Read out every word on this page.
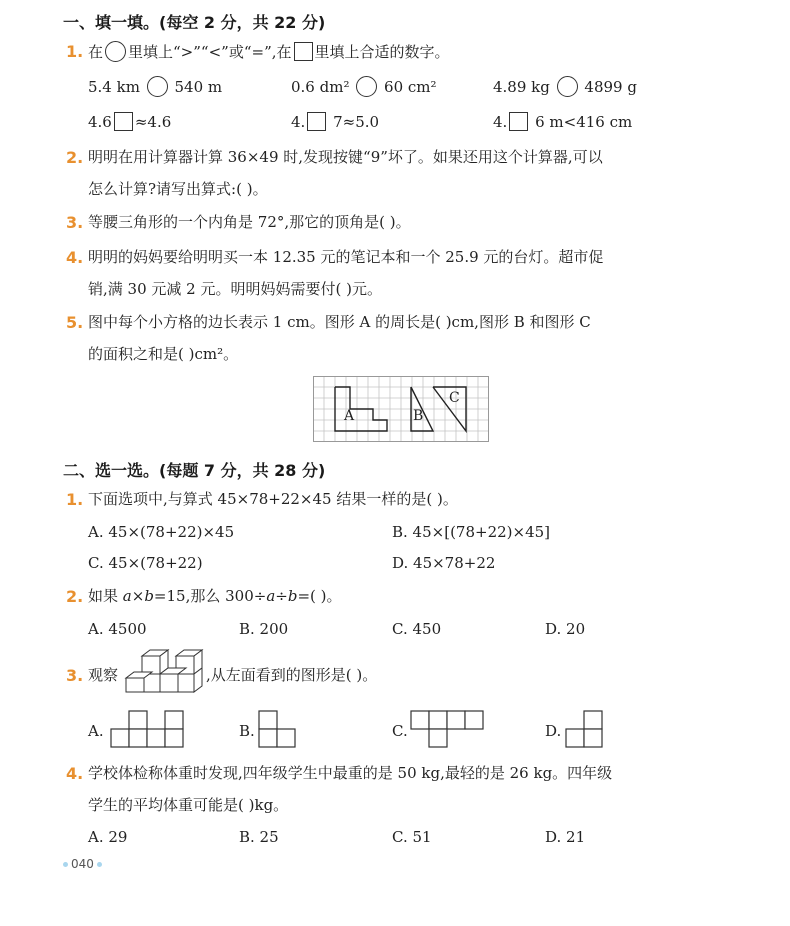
一、填一填。(每空 2 分，共 22 分)
1. 在 里填上“>”“<”或“=”,在 里填上合适的数字。
5.4 km 540 m	0.6 dm² 60 cm²	4.89 kg 4899 g
4.6 ≈4.6	4. 7≈5.0	4. 6 m<416 cm
2. 明明在用计算器计算 36×49 时,发现按键“9”坏了。如果还用这个计算器,可以
怎么计算?请写出算式:( )。
3. 等腰三角形的一个内角是 72°,那它的顶角是( )。
4. 明明的妈妈要给明明买一本 12.35 元的笔记本和一个 25.9 元的台灯。超市促
销,满 30 元减 2 元。明明妈妈需要付( )元。
5. 图中每个小方格的边长表示 1 cm。图形 A 的周长是( )cm,图形 B 和图形 C
的面积之和是( )cm²。
A	B
C
二、选一选。(每题 7 分，共 28 分)
1. 下面选项中,与算式 45×78+22×45 结果一样的是( )。
A. 45×(78+22)×45	B. 45×[(78+22)×45]
C. 45×(78+22)	D. 45×78+22
2. 如果 a×b=15,那么 300÷a÷b=( )。
A. 4500	B. 200	C. 450	D. 20
3. 观察	,从左面看到的图形是( )。
A.	B.	C.	D.
4. 学校体检称体重时发现,四年级学生中最重的是 50 kg,最轻的是 26 kg。四年级
学生的平均体重可能是( )kg。
A. 29	B. 25	C. 51	D. 21
040
